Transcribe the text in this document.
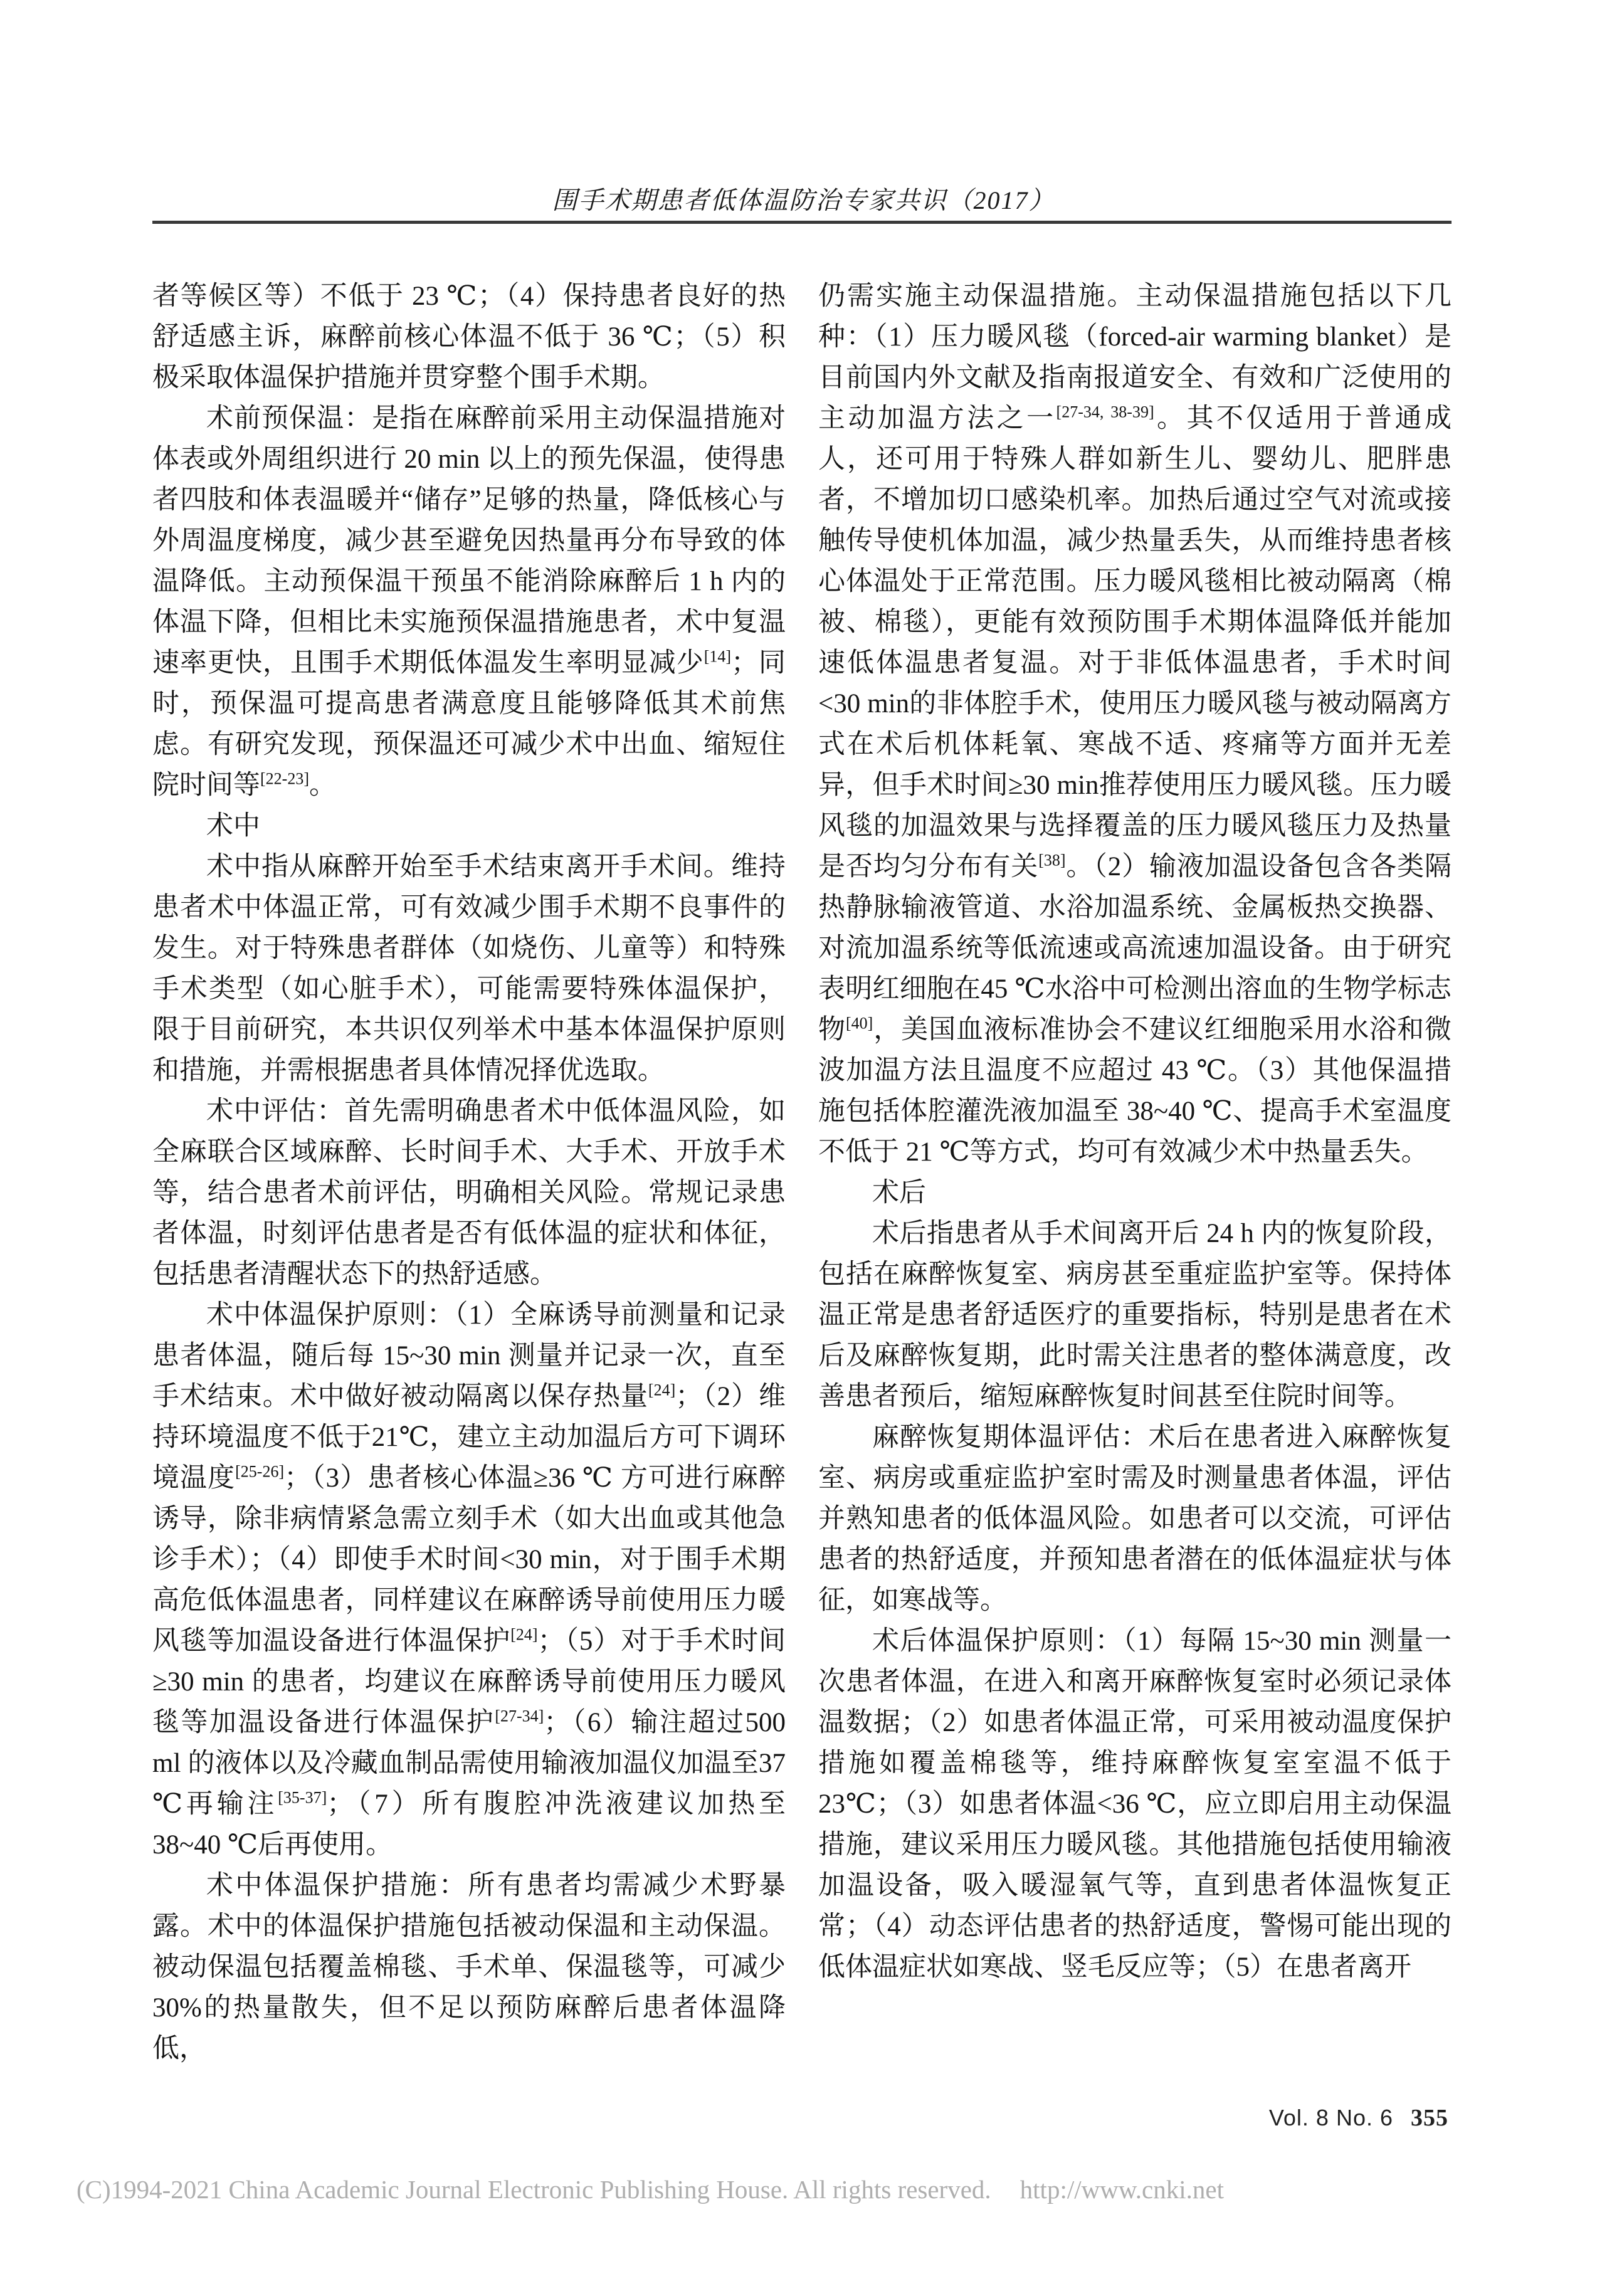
围手术期患者低体温防治专家共识（2017）

者等候区等）不低于 23 ℃；（4）保持患者良好的热舒适感主诉，麻醉前核心体温不低于 36 ℃；（5）积极采取体温保护措施并贯穿整个围手术期。

术前预保温：是指在麻醉前采用主动保温措施对体表或外周组织进行 20 min 以上的预先保温，使得患者四肢和体表温暖并“储存”足够的热量，降低核心与外周温度梯度，减少甚至避免因热量再分布导致的体温降低。主动预保温干预虽不能消除麻醉后 1 h 内的体温下降，但相比未实施预保温措施患者，术中复温速率更快，且围手术期低体温发生率明显减少[14]；同时，预保温可提高患者满意度且能够降低其术前焦虑。有研究发现，预保温还可减少术中出血、缩短住院时间等[22-23]。

术中

术中指从麻醉开始至手术结束离开手术间。维持患者术中体温正常，可有效减少围手术期不良事件的发生。对于特殊患者群体（如烧伤、儿童等）和特殊手术类型（如心脏手术），可能需要特殊体温保护，限于目前研究，本共识仅列举术中基本体温保护原则和措施，并需根据患者具体情况择优选取。

术中评估：首先需明确患者术中低体温风险，如全麻联合区域麻醉、长时间手术、大手术、开放手术等，结合患者术前评估，明确相关风险。常规记录患者体温，时刻评估患者是否有低体温的症状和体征，包括患者清醒状态下的热舒适感。

术中体温保护原则：（1）全麻诱导前测量和记录患者体温，随后每 15~30 min 测量并记录一次，直至手术结束。术中做好被动隔离以保存热量[24]；（2）维持环境温度不低于21℃，建立主动加温后方可下调环境温度[25-26]；（3）患者核心体温≥36 ℃ 方可进行麻醉诱导，除非病情紧急需立刻手术（如大出血或其他急诊手术）；（4）即使手术时间<30 min，对于围手术期高危低体温患者，同样建议在麻醉诱导前使用压力暖风毯等加温设备进行体温保护[24]；（5）对于手术时间≥30 min 的患者，均建议在麻醉诱导前使用压力暖风毯等加温设备进行体温保护[27-34]；（6）输注超过500 ml 的液体以及冷藏血制品需使用输液加温仪加温至37 ℃再输注[35-37]；（7）所有腹腔冲洗液建议加热至 38~40 ℃后再使用。

术中体温保护措施：所有患者均需减少术野暴露。术中的体温保护措施包括被动保温和主动保温。被动保温包括覆盖棉毯、手术单、保温毯等，可减少30%的热量散失，但不足以预防麻醉后患者体温降低，

仍需实施主动保温措施。主动保温措施包括以下几种：（1）压力暖风毯（forced-air warming blanket）是目前国内外文献及指南报道安全、有效和广泛使用的主动加温方法之一[27-34, 38-39]。其不仅适用于普通成人，还可用于特殊人群如新生儿、婴幼儿、肥胖患者，不增加切口感染机率。加热后通过空气对流或接触传导使机体加温，减少热量丢失，从而维持患者核心体温处于正常范围。压力暖风毯相比被动隔离（棉被、棉毯），更能有效预防围手术期体温降低并能加速低体温患者复温。对于非低体温患者，手术时间<30 min的非体腔手术，使用压力暖风毯与被动隔离方式在术后机体耗氧、寒战不适、疼痛等方面并无差异，但手术时间≥30 min推荐使用压力暖风毯。压力暖风毯的加温效果与选择覆盖的压力暖风毯压力及热量是否均匀分布有关[38]。（2）输液加温设备包含各类隔热静脉输液管道、水浴加温系统、金属板热交换器、对流加温系统等低流速或高流速加温设备。由于研究表明红细胞在45 ℃水浴中可检测出溶血的生物学标志物[40]，美国血液标准协会不建议红细胞采用水浴和微波加温方法且温度不应超过 43 ℃。（3）其他保温措施包括体腔灌洗液加温至 38~40 ℃、提高手术室温度不低于 21 ℃等方式，均可有效减少术中热量丢失。

术后

术后指患者从手术间离开后 24 h 内的恢复阶段，包括在麻醉恢复室、病房甚至重症监护室等。保持体温正常是患者舒适医疗的重要指标，特别是患者在术后及麻醉恢复期，此时需关注患者的整体满意度，改善患者预后，缩短麻醉恢复时间甚至住院时间等。

麻醉恢复期体温评估：术后在患者进入麻醉恢复室、病房或重症监护室时需及时测量患者体温，评估并熟知患者的低体温风险。如患者可以交流，可评估患者的热舒适度，并预知患者潜在的低体温症状与体征，如寒战等。

术后体温保护原则：（1）每隔 15~30 min 测量一次患者体温，在进入和离开麻醉恢复室时必须记录体温数据；（2）如患者体温正常，可采用被动温度保护措施如覆盖棉毯等，维持麻醉恢复室室温不低于23℃；（3）如患者体温<36 ℃，应立即启用主动保温措施，建议采用压力暖风毯。其他措施包括使用输液加温设备，吸入暖湿氧气等，直到患者体温恢复正常；（4）动态评估患者的热舒适度，警惕可能出现的低体温症状如寒战、竖毛反应等；（5）在患者离开

Vol. 8 No. 6 355
(C)1994-2021 China Academic Journal Electronic Publishing House. All rights reserved. http://www.cnki.net
